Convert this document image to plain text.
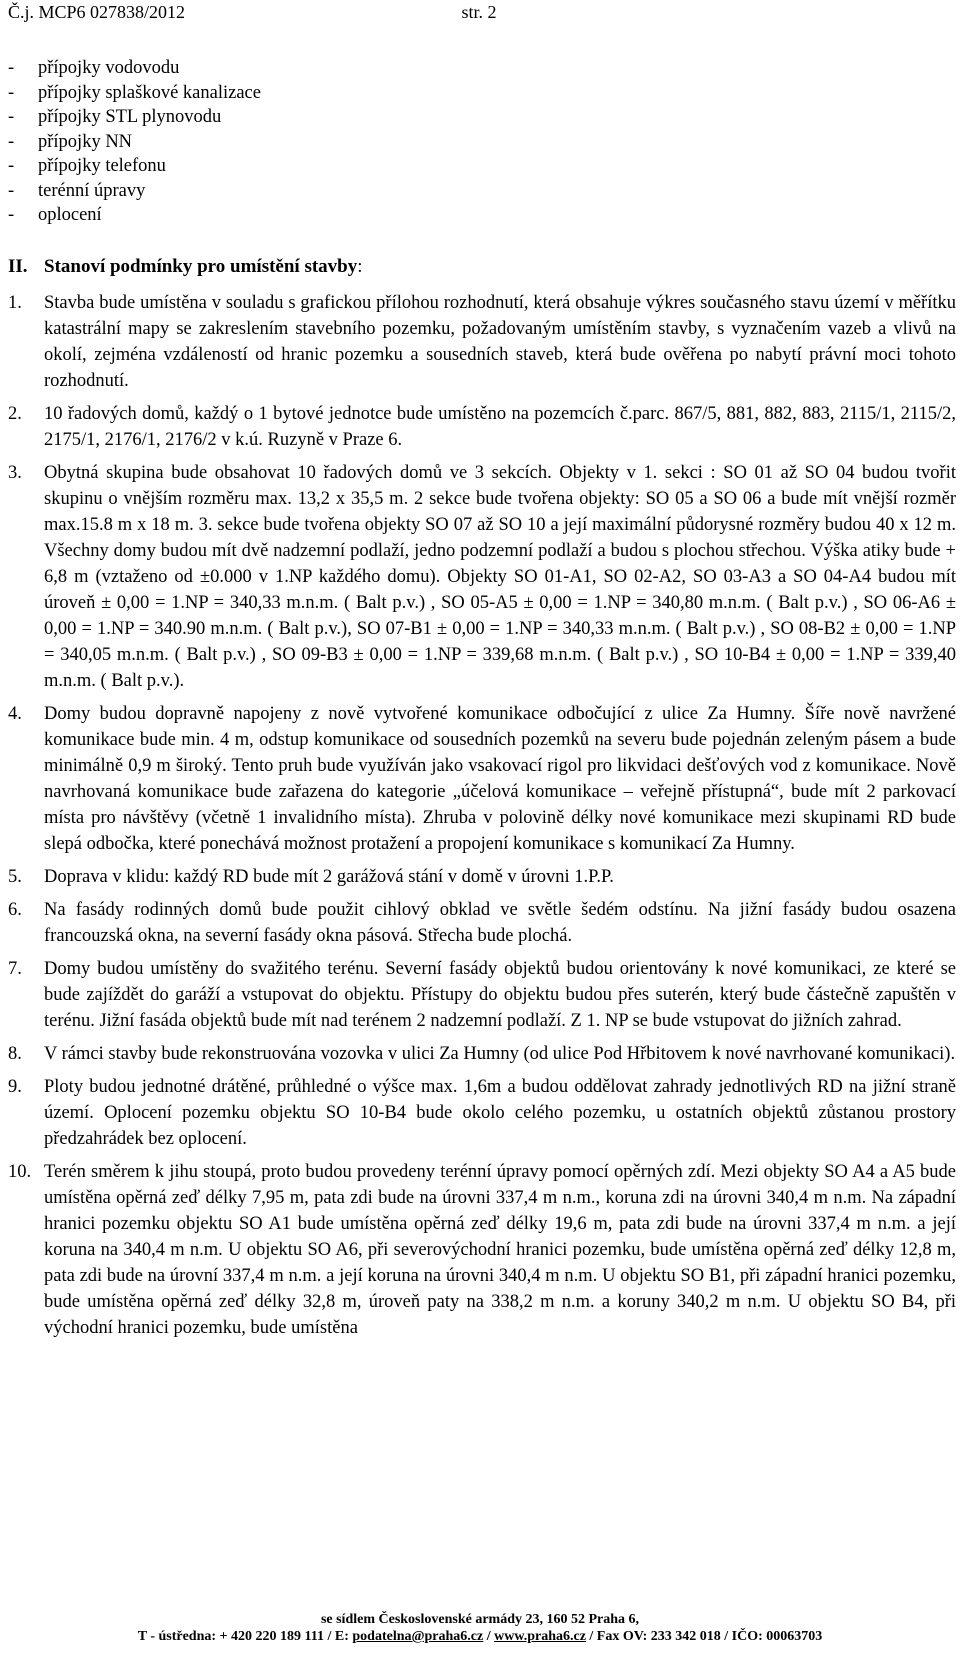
Č.j. MCP6 027838/2012	str. 2
- přípojky vodovodu
- přípojky splaškové kanalizace
- přípojky STL plynovodu
- přípojky NN
- přípojky telefonu
- terénní úpravy
- oplocení
II. Stanoví podmínky pro umístění stavby:
1.	Stavba bude umístěna v souladu s grafickou přílohou rozhodnutí, která obsahuje výkres současného stavu území v měřítku katastrální mapy se zakreslením stavebního pozemku, požadovaným umístěním stavby, s vyznačením vazeb a vlivů na okolí, zejména vzdáleností od hranic pozemku a sousedních staveb, která bude ověřena po nabytí právní moci tohoto rozhodnutí.
2.	10 řadových domů, každý o 1 bytové jednotce bude umístěno na pozemcích č.parc. 867/5, 881, 882, 883, 2115/1, 2115/2, 2175/1, 2176/1, 2176/2 v k.ú. Ruzyně v Praze 6.
3.	Obytná skupina bude obsahovat 10 řadových domů ve 3 sekcích. Objekty v 1. sekci : SO 01 až SO 04 budou tvořit skupinu o vnějším rozměru max. 13,2 x 35,5 m. 2 sekce bude tvořena objekty: SO 05 a SO 06 a bude mít vnější rozměr max.15.8 m x 18 m. 3. sekce bude tvořena objekty SO 07 až SO 10 a její maximální půdorysné rozměry budou 40 x 12 m. Všechny domy budou mít dvě nadzemní podlaží, jedno podzemní podlaží a budou s plochou střechou. Výška atiky bude + 6,8 m (vztaženo od ±0.000 v 1.NP každého domu). Objekty SO 01-A1, SO 02-A2, SO 03-A3 a SO 04-A4 budou mít úroveň ± 0,00 = 1.NP = 340,33 m.n.m. ( Balt p.v.) , SO 05-A5 ± 0,00 = 1.NP = 340,80 m.n.m. ( Balt p.v.) , SO 06-A6 ± 0,00 = 1.NP = 340.90 m.n.m. ( Balt p.v.), SO 07-B1 ± 0,00 = 1.NP = 340,33 m.n.m. ( Balt p.v.) , SO 08-B2 ± 0,00 = 1.NP = 340,05 m.n.m. ( Balt p.v.) , SO 09-B3 ± 0,00 = 1.NP = 339,68 m.n.m. ( Balt p.v.) , SO 10-B4 ± 0,00 = 1.NP = 339,40 m.n.m. ( Balt p.v.).
4.	Domy budou dopravně napojeny z nově vytvořené komunikace odbočující z ulice Za Humny. Šíře nově navržené komunikace bude min. 4 m, odstup komunikace od sousedních pozemků na severu bude pojednán zeleným pásem a bude minimálně 0,9 m široký. Tento pruh bude využíván jako vsakovací rigol pro likvidaci dešťových vod z komunikace. Nově navrhovaná komunikace bude zařazena do kategorie „účelová komunikace – veřejně přístupná“, bude mít 2 parkovací místa pro návštěvy (včetně 1 invalidního místa). Zhruba v polovině délky nové komunikace mezi skupinami RD bude slepá odbočka, které ponechává možnost protažení a propojení komunikace s komunikací Za Humny.
5.	Doprava v klidu: každý RD bude mít 2 garážová stání v domě v úrovni 1.P.P.
6.	Na fasády rodinných domů bude použit cihlový obklad ve světle šedém odstínu. Na jižní fasády budou osazena francouzská okna, na severní fasády okna pásová. Střecha bude plochá.
7.	Domy budou umístěny do svažitého terénu. Severní fasády objektů budou orientovány k nové komunikaci, ze které se bude zajíždět do garáží a vstupovat do objektu. Přístupy do objektu budou přes suterén, který bude částečně zapuštěn v terénu. Jižní fasáda objektů bude mít nad terénem 2 nadzemní podlaží. Z 1. NP se bude vstupovat do jižních zahrad.
8.	V rámci stavby bude rekonstruována vozovka v ulici Za Humny (od ulice Pod Hřbitovem k nové navrhované komunikaci).
9.	Ploty budou jednotné drátěné, průhledné o výšce max. 1,6m a budou oddělovat zahrady jednotlivých RD na jižní straně území. Oplocení pozemku objektu SO 10-B4 bude okolo celého pozemku, u ostatních objektů zůstanou prostory předzahrádek bez oplocení.
10. Terén směrem k jihu stoupá, proto budou provedeny terénní úpravy pomocí opěrných zdí. Mezi objekty SO A4 a A5 bude umístěna opěrná zeď délky 7,95 m, pata zdi bude na úrovni 337,4 m n.m., koruna zdi na úrovni 340,4 m n.m. Na západní hranici pozemku objektu SO A1 bude umístěna opěrná zeď délky 19,6 m, pata zdi bude na úrovni 337,4 m n.m. a její koruna na 340,4 m n.m. U objektu SO A6, při severovýchodní hranici pozemku, bude umístěna opěrná zeď délky 12,8 m, pata zdi bude na úrovní 337,4 m n.m. a její koruna na úrovni 340,4 m n.m. U objektu SO B1, při západní hranici pozemku, bude umístěna opěrná zeď délky 32,8 m, úroveň paty na 338,2 m n.m. a koruny 340,2 m n.m. U objektu SO B4, při východní hranici pozemku, bude umístěna
se sídlem Československé armády 23, 160 52 Praha 6,
T - ústředna: + 420 220 189 111 / E: podatelna@praha6.cz / www.praha6.cz / Fax OV: 233 342 018 / IČO: 00063703
